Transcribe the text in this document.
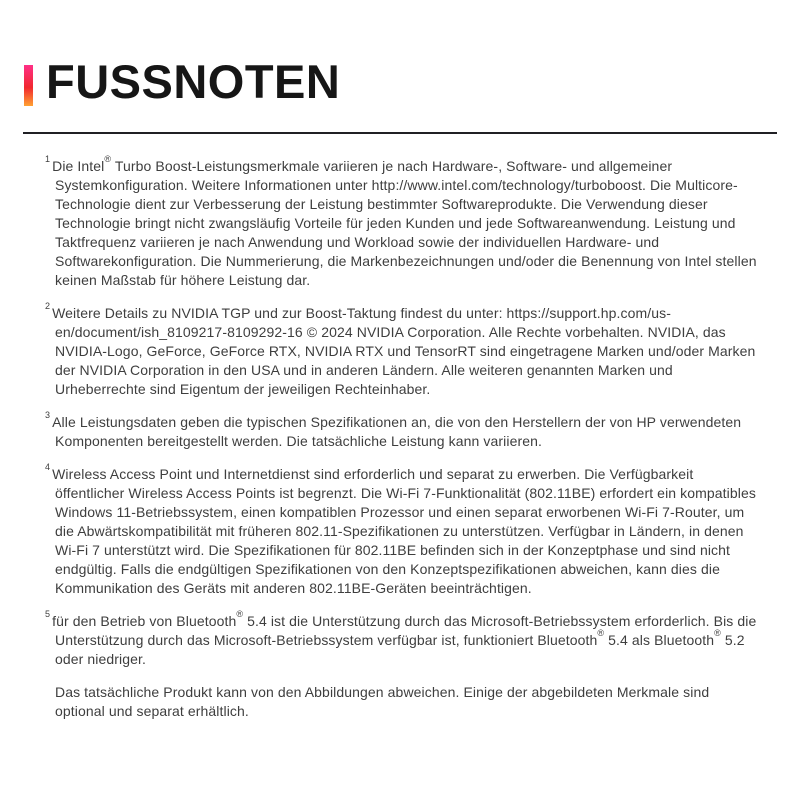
FUSSNOTEN

$^1$ Die Intel® Turbo Boost-Leistungsmerkmale variieren je nach Hardware-, Software- und allgemeiner Systemkonfiguration. Weitere Informationen unter http://www.intel.com/technology/turboboost. Die Multicore-Technologie dient zur Verbesserung der Leistung bestimmter Softwareprodukte. Die Verwendung dieser Technologie bringt nicht zwangsläufig Vorteile für jeden Kunden und jede Softwareanwendung. Leistung und Taktfrequenz variieren je nach Anwendung und Workload sowie der individuellen Hardware- und Softwarekonfiguration. Die Nummerierung, die Markenbezeichnungen und/oder die Benennung von Intel stellen keinen Maßstab für höhere Leistung dar.

$^2$ Weitere Details zu NVIDIA TGP und zur Boost-Taktung findest du unter: https://support.hp.com/us-en/document/ish_8109217-8109292-16 © 2024 NVIDIA Corporation. Alle Rechte vorbehalten. NVIDIA, das NVIDIA-Logo, GeForce, GeForce RTX, NVIDIA RTX und TensorRT sind eingetragene Marken und/oder Marken der NVIDIA Corporation in den USA und in anderen Ländern. Alle weiteren genannten Marken und Urheberrechte sind Eigentum der jeweiligen Rechteinhaber.

$^3$ Alle Leistungsdaten geben die typischen Spezifikationen an, die von den Herstellern der von HP verwendeten Komponenten bereitgestellt werden. Die tatsächliche Leistung kann variieren.

$^4$ Wireless Access Point und Internetdienst sind erforderlich und separat zu erwerben. Die Verfügbarkeit öffentlicher Wireless Access Points ist begrenzt. Die Wi-Fi 7-Funktionalität (802.11BE) erfordert ein kompatibles Windows 11-Betriebssystem, einen kompatiblen Prozessor und einen separat erworbenen Wi-Fi 7-Router, um die Abwärtskompatibilität mit früheren 802.11-Spezifikationen zu unterstützen. Verfügbar in Ländern, in denen Wi-Fi 7 unterstützt wird. Die Spezifikationen für 802.11BE befinden sich in der Konzeptphase und sind nicht endgültig. Falls die endgültigen Spezifikationen von den Konzeptspezifikationen abweichen, kann dies die Kommunikation des Geräts mit anderen 802.11BE-Geräten beeinträchtigen.

$^5$ für den Betrieb von Bluetooth® 5.4 ist die Unterstützung durch das Microsoft-Betriebssystem erforderlich. Bis die Unterstützung durch das Microsoft-Betriebssystem verfügbar ist, funktioniert Bluetooth® 5.4 als Bluetooth® 5.2 oder niedriger.

Das tatsächliche Produkt kann von den Abbildungen abweichen. Einige der abgebildeten Merkmale sind optional und separat erhältlich.
